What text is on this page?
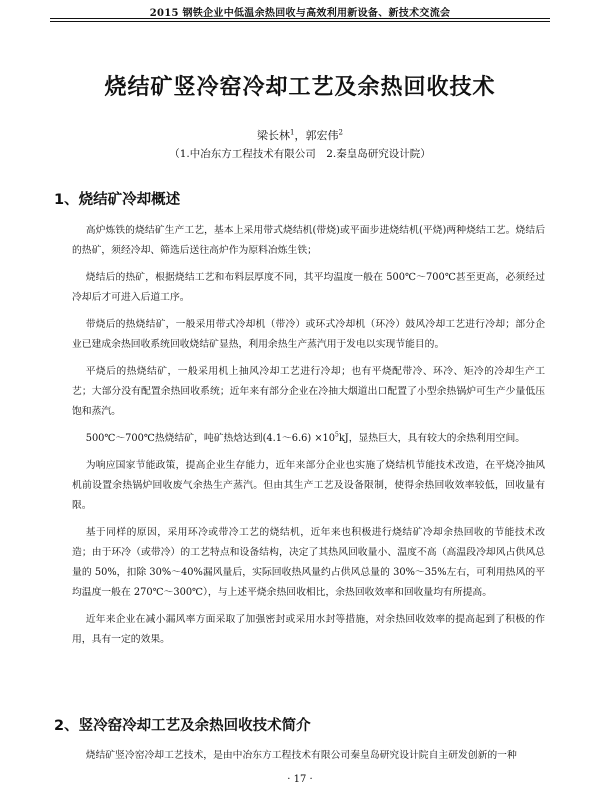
2015 钢铁企业中低温余热回收与高效利用新设备、新技术交流会
烧结矿竖冷窑冷却工艺及余热回收技术
梁长林$^1$，郭宏伟$^2$
（1.中冶东方工程技术有限公司　2.秦皇岛研究设计院）
1、烧结矿冷却概述

高炉炼铁的烧结矿生产工艺，基本上采用带式烧结机(带烧)或平面步进烧结机(平烧)两种烧结工艺。烧结后的热矿，须经冷却、筛选后送往高炉作为原料冶炼生铁；

烧结后的热矿，根据烧结工艺和布料层厚度不同，其平均温度一般在 500℃～700℃甚至更高，必须经过冷却后才可进入后道工序。

带烧后的热烧结矿，一般采用带式冷却机（带冷）或环式冷却机（环冷）鼓风冷却工艺进行冷却；部分企业已建成余热回收系统回收烧结矿显热，利用余热生产蒸汽用于发电以实现节能目的。

平烧后的热烧结矿，一般采用机上抽风冷却工艺进行冷却；也有平烧配带冷、环冷、矩冷的冷却生产工艺；大部分没有配置余热回收系统；近年来有部分企业在冷抽大烟道出口配置了小型余热锅炉可生产少量低压饱和蒸汽。

500℃～700℃热烧结矿，吨矿热焓达到(4.1～6.6) $\times 10^5kJ$，显热巨大，具有较大的余热利用空间。

为响应国家节能政策，提高企业生存能力，近年来部分企业也实施了烧结机节能技术改造，在平烧冷抽风机前设置余热锅炉回收废气余热生产蒸汽。但由其生产工艺及设备限制，使得余热回收效率较低，回收量有限。

基于同样的原因，采用环冷或带冷工艺的烧结机，近年来也积极进行烧结矿冷却余热回收的节能技术改造；由于环冷（或带冷）的工艺特点和设备结构，决定了其热风回收量小、温度不高（高温段冷却风占供风总量的 50%，扣除 30%～40%漏风量后，实际回收热风量约占供风总量的 30%～35%左右，可利用热风的平均温度一般在 270℃～300℃），与上述平烧余热回收相比，余热回收效率和回收量均有所提高。

近年来企业在减小漏风率方面采取了加强密封或采用水封等措施，对余热回收效率的提高起到了积极的作用，具有一定的效果。

2、竖冷窑冷却工艺及余热回收技术简介
烧结矿竖冷窑冷却工艺技术，是由中冶东方工程技术有限公司秦皇岛研究设计院自主研发创新的一种
· 17 ·
